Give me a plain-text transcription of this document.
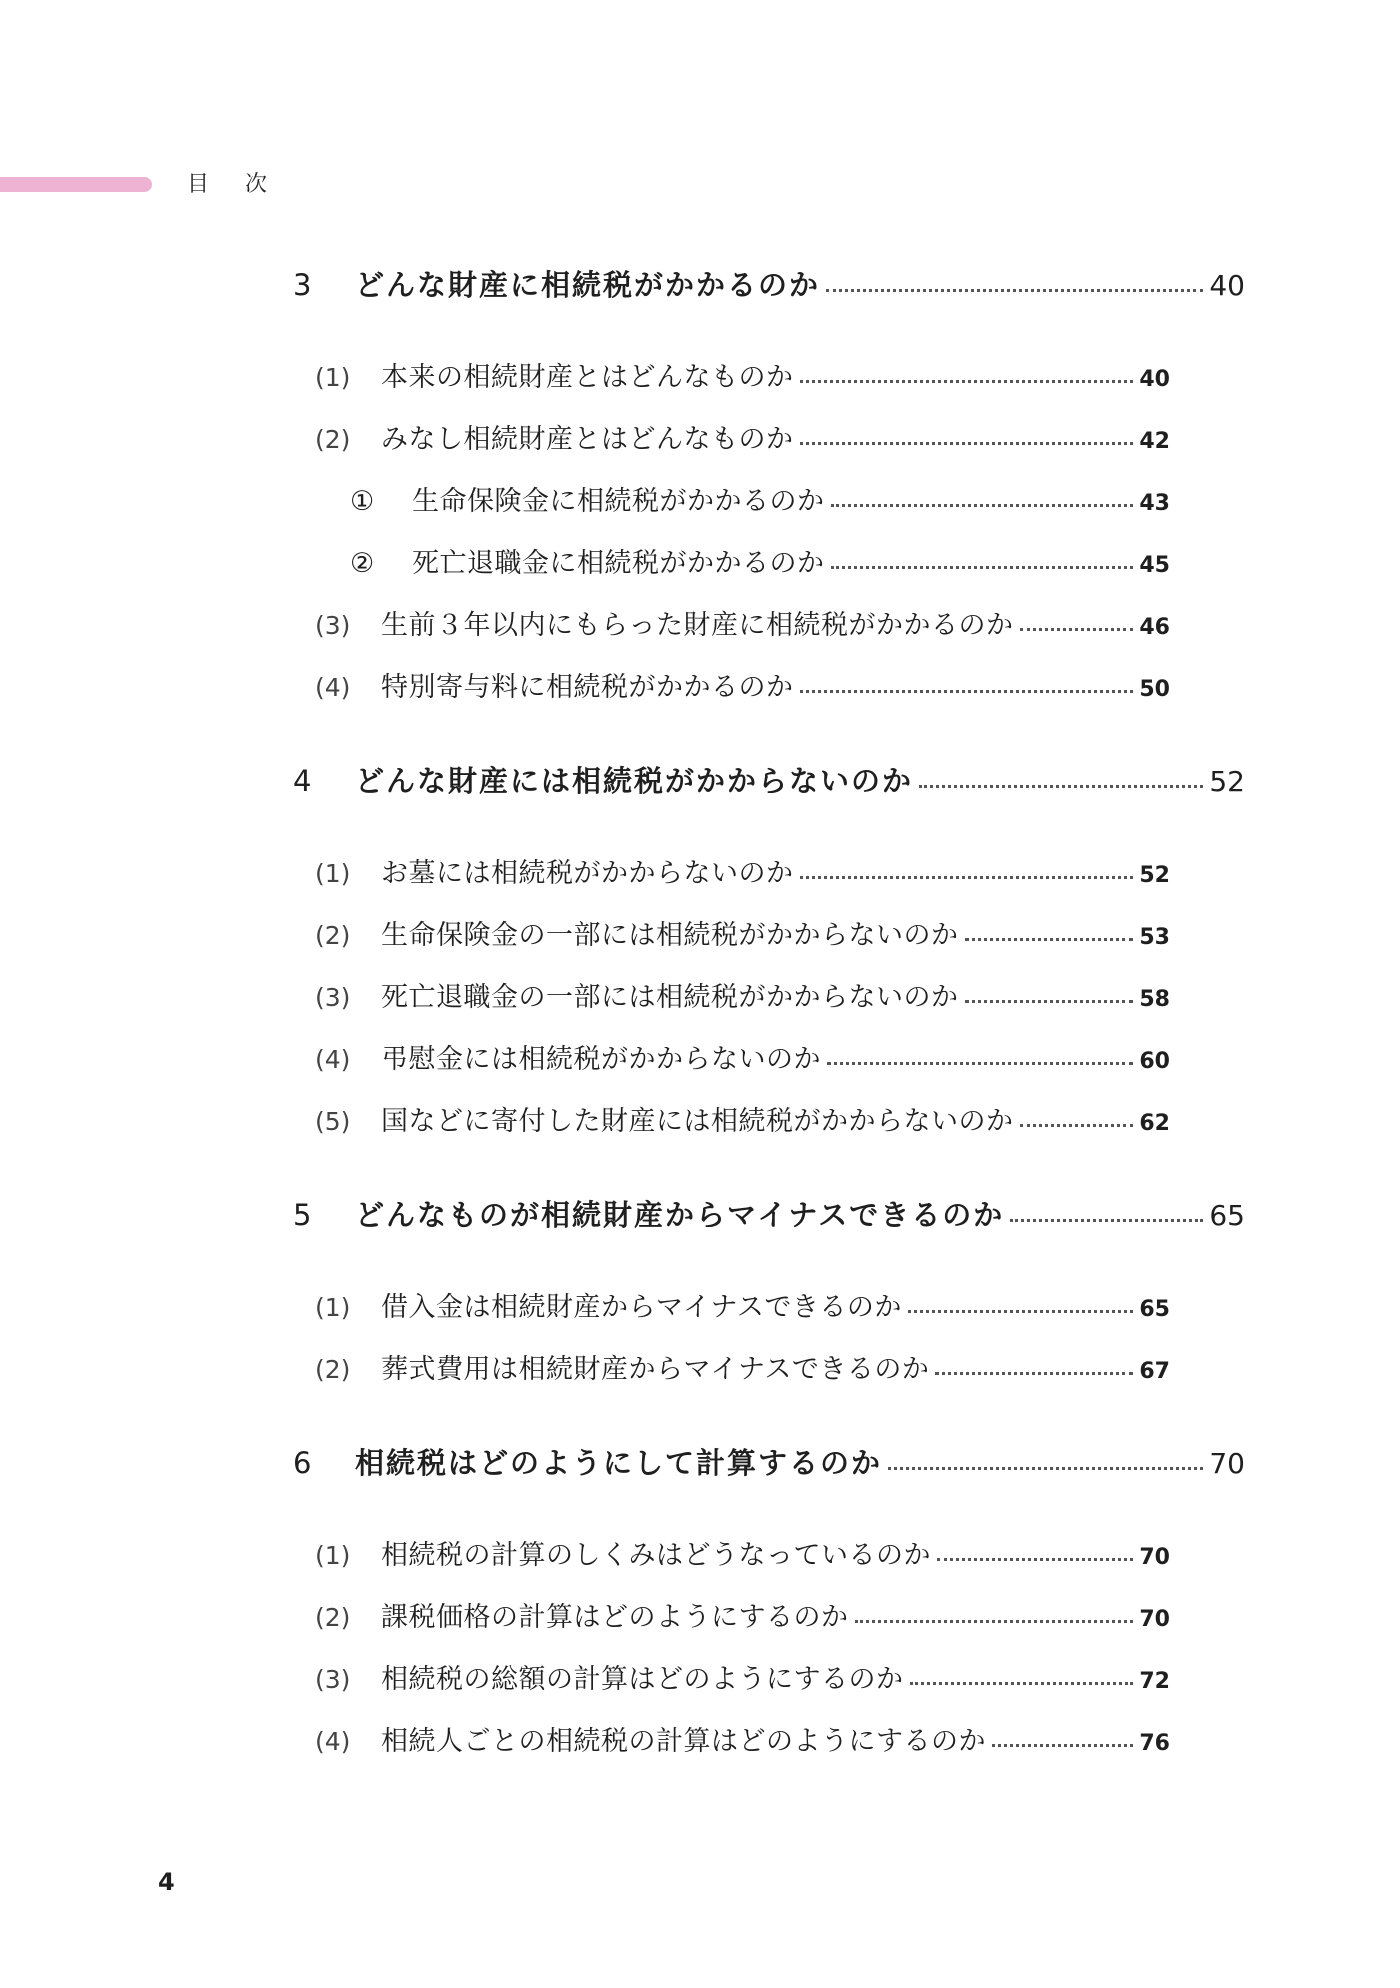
目次
3	どんな財産に相続税がかかるのか	40
(1)	本来の相続財産とはどんなものか	40
(2)	みなし相続財産とはどんなものか	42
①	生命保険金に相続税がかかるのか	43
②	死亡退職金に相続税がかかるのか	45
(3)	生前３年以内にもらった財産に相続税がかかるのか	46
(4)	特別寄与料に相続税がかかるのか	50
4	どんな財産には相続税がかからないのか	52
(1)	お墓には相続税がかからないのか	52
(2)	生命保険金の一部には相続税がかからないのか	53
(3)	死亡退職金の一部には相続税がかからないのか	58
(4)	弔慰金には相続税がかからないのか	60
(5)	国などに寄付した財産には相続税がかからないのか	62
5	どんなものが相続財産からマイナスできるのか	65
(1)	借入金は相続財産からマイナスできるのか	65
(2)	葬式費用は相続財産からマイナスできるのか	67
6	相続税はどのようにして計算するのか	70
(1)	相続税の計算のしくみはどうなっているのか	70
(2)	課税価格の計算はどのようにするのか	70
(3)	相続税の総額の計算はどのようにするのか	72
(4)	相続人ごとの相続税の計算はどのようにするのか	76
4
